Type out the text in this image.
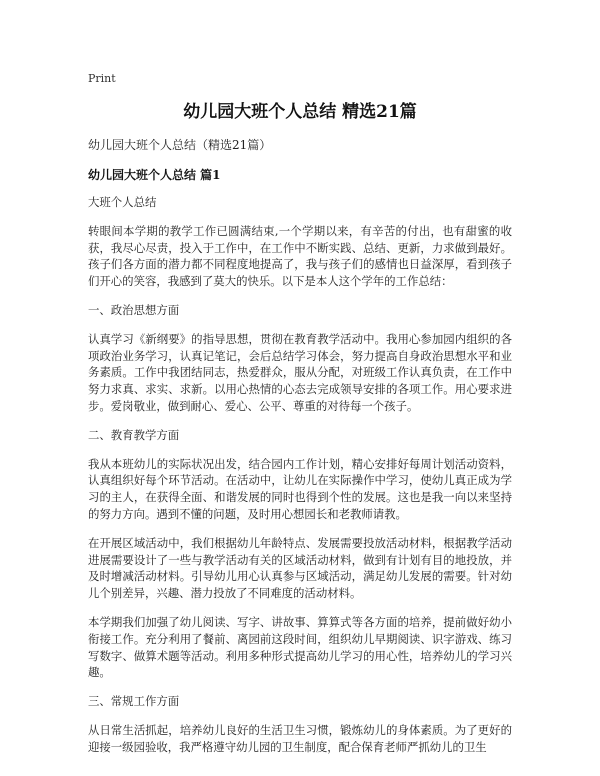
Print
幼儿园大班个人总结 精选21篇
幼儿园大班个人总结（精选21篇）
幼儿园大班个人总结 篇1
大班个人总结
转眼间本学期的教学工作已圆满结束,一个学期以来，有辛苦的付出，也有甜蜜的收获，我尽心尽责，投入于工作中，在工作中不断实践、总结、更新，力求做到最好。孩子们各方面的潜力都不同程度地提高了，我与孩子们的感情也日益深厚，看到孩子们开心的笑容，我感到了莫大的快乐。以下是本人这个学年的工作总结：
一、政治思想方面
认真学习《新纲要》的指导思想，贯彻在教育教学活动中。我用心参加园内组织的各项政治业务学习，认真记笔记，会后总结学习体会，努力提高自身政治思想水平和业务素质。工作中我团结同志，热爱群众，服从分配，对班级工作认真负责，在工作中努力求真、求实、求新。以用心热情的心态去完成领导安排的各项工作。用心要求进步。爱岗敬业，做到耐心、爱心、公平、尊重的对待每一个孩子。
二、教育教学方面
我从本班幼儿的实际状况出发，结合园内工作计划，精心安排好每周计划活动资料，认真组织好每个环节活动。在活动中，让幼儿在实际操作中学习，使幼儿真正成为学习的主人，在获得全面、和谐发展的同时也得到个性的发展。这也是我一向以来坚持的努力方向。遇到不懂的问题，及时用心想园长和老教师请教。
在开展区域活动中，我们根据幼儿年龄特点、发展需要投放活动材料，根据教学活动进展需要设计了一些与教学活动有关的区域活动材料，做到有计划有目的地投放，并及时增减活动材料。引导幼儿用心认真参与区域活动，满足幼儿发展的需要。针对幼儿个别差异，兴趣、潜力投放了不同难度的活动材料。
本学期我们加强了幼儿阅读、写字、讲故事、算算式等各方面的培养，提前做好幼小衔接工作。充分利用了餐前、离园前这段时间，组织幼儿早期阅读、识字游戏、练习写数字、做算术题等活动。利用多种形式提高幼儿学习的用心性，培养幼儿的学习兴趣。
三、常规工作方面
从日常生活抓起，培养幼儿良好的生活卫生习惯，锻炼幼儿的身体素质。为了更好的迎接一级园验收，我严格遵守幼儿园的卫生制度，配合保育老师严抓幼儿的卫生
